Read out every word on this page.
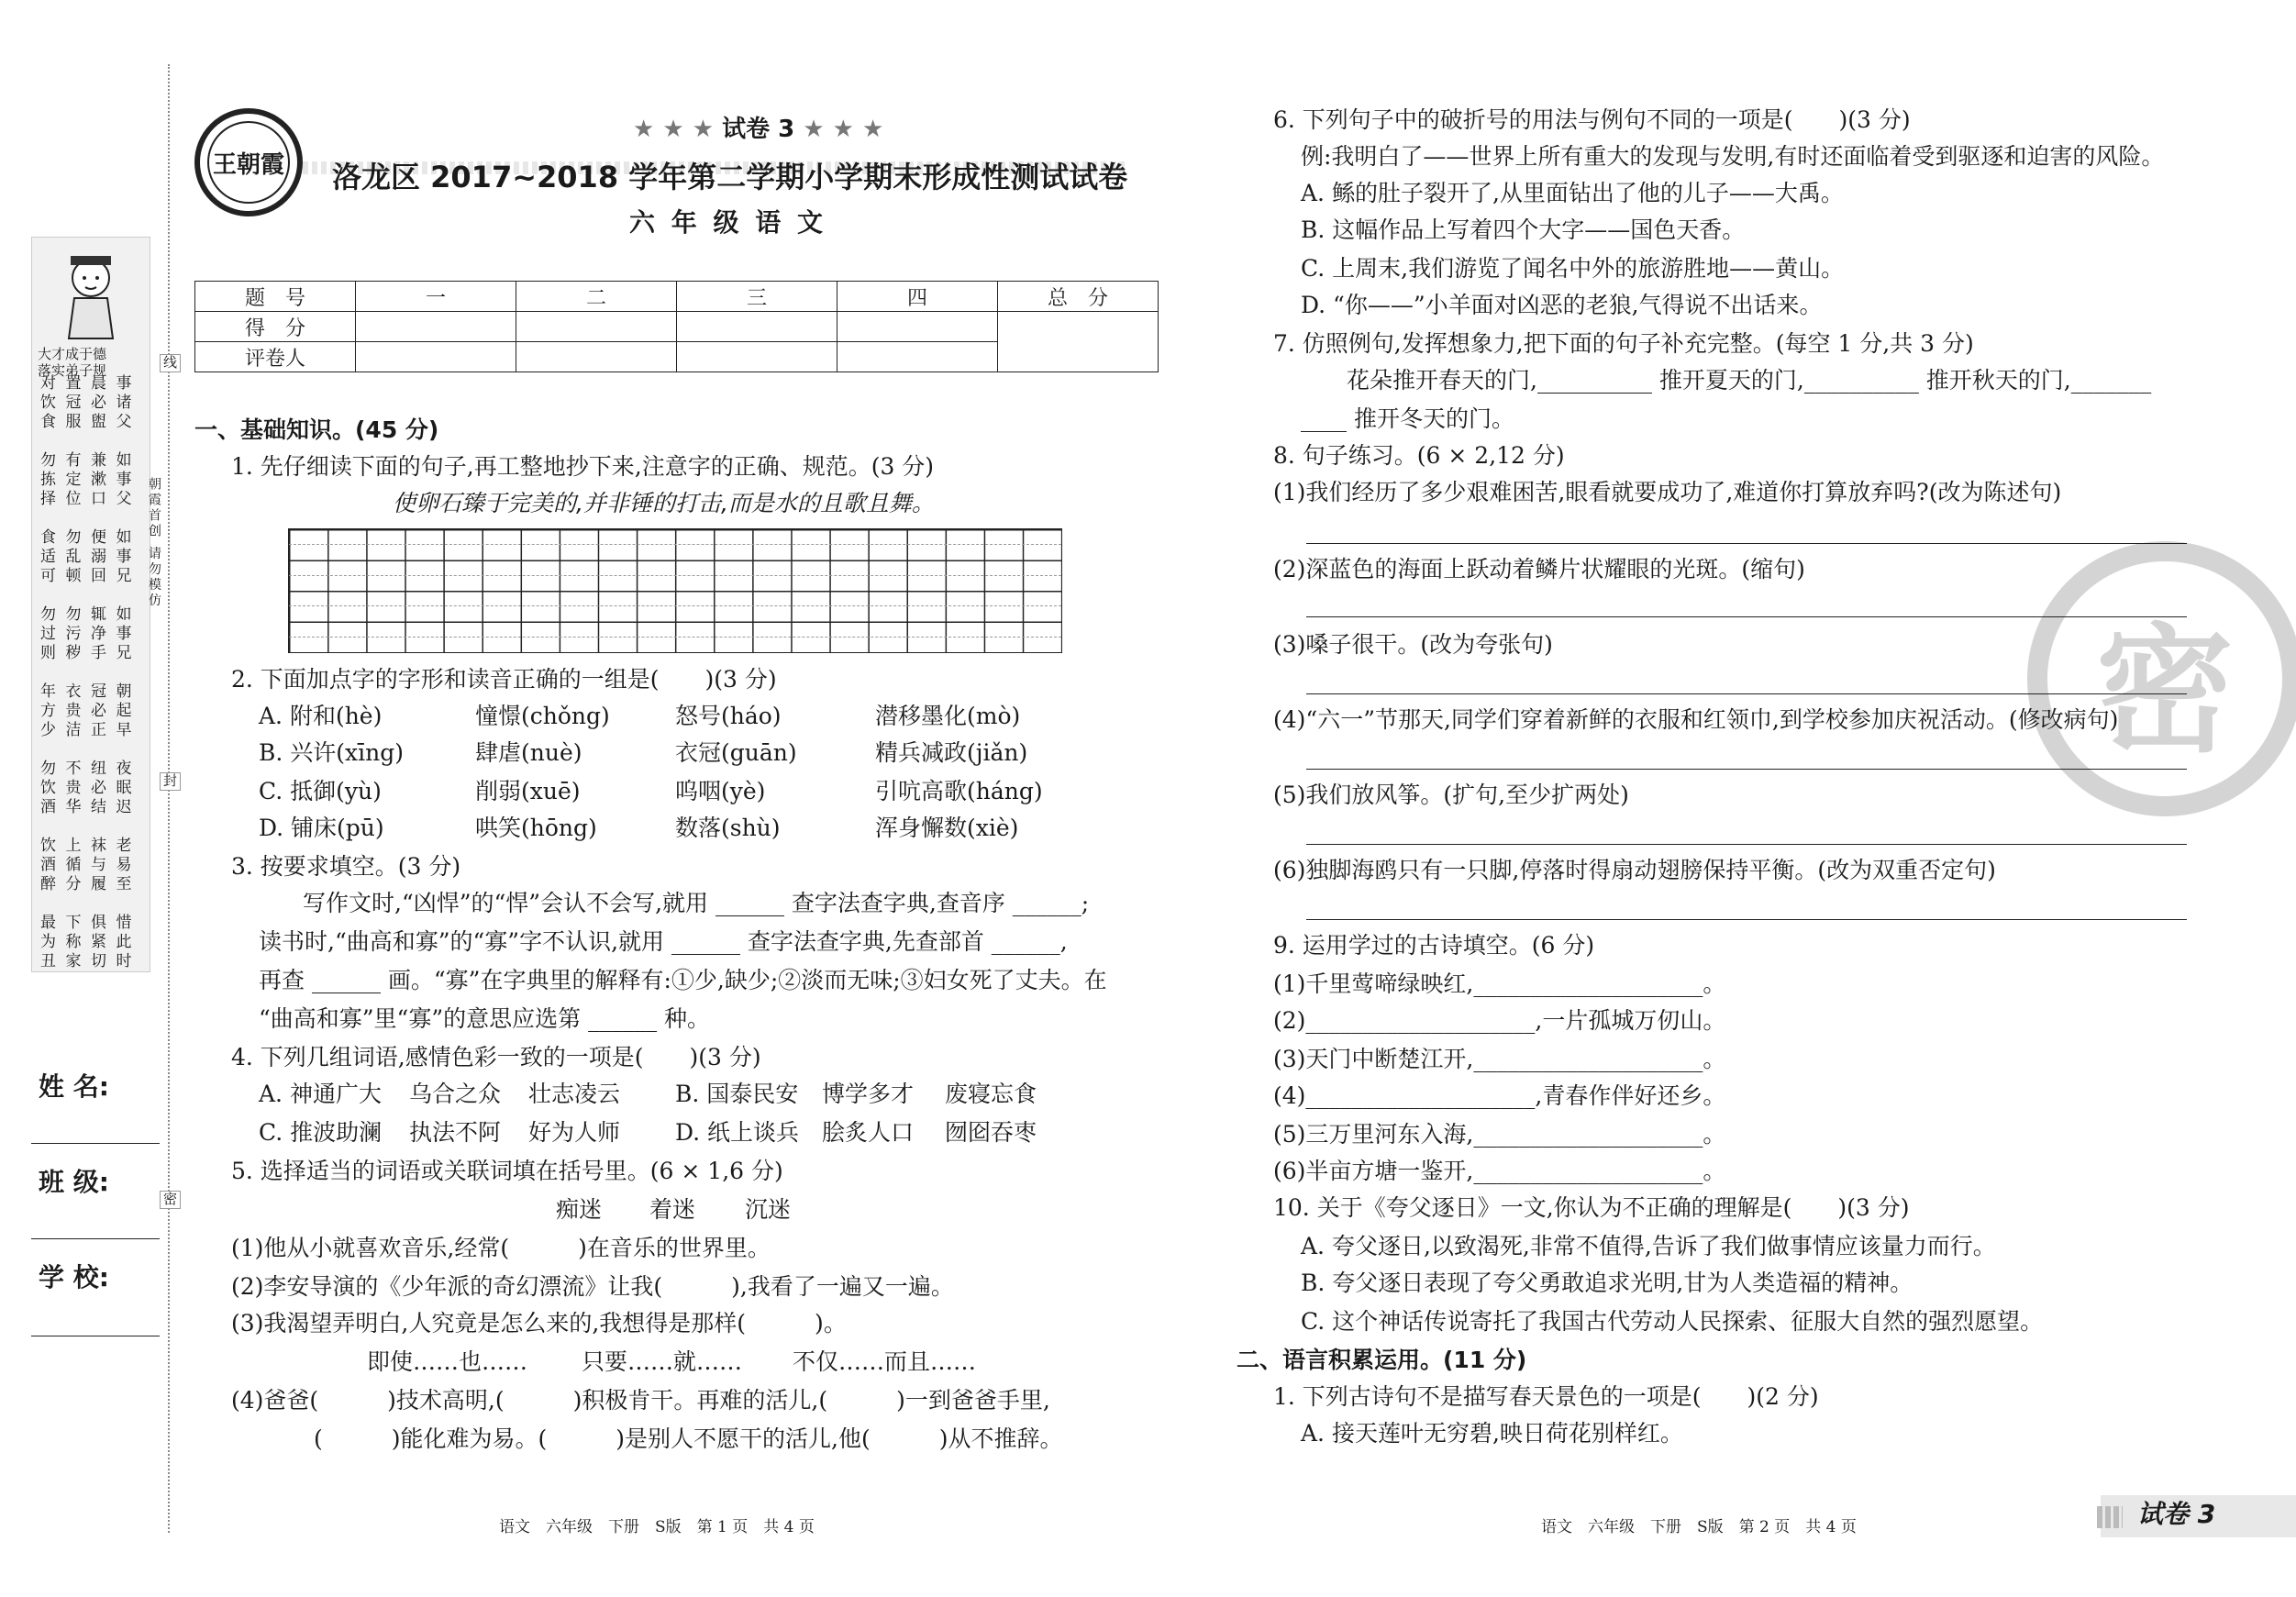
大才成于德
落实弟子规
对 置 晨 事
饮 冠 必 诸
食 服 盥 父

勿 有 兼 如
拣 定 漱 事
择 位 口 父

食 勿 便 如
适 乱 溺 事
可 顿 回 兄

勿 勿 辄 如
过 污 净 事
则 秽 手 兄

年 衣 冠 朝
方 贵 必 起
少 洁 正 早

勿 不 纽 夜
饮 贵 必 眠
酒 华 结 迟

饮 上 袜 老
酒 循 与 易
醉 分 履 至

最 下 俱 惜
为 称 紧 此
丑 家 切 时
姓 名:
班 级:
学 校:
线
朝霞首创 请勿模仿
封
密
王朝霞
★ ★ ★ 试卷 3 ★ ★ ★
洛龙区 2017~2018 学年第二学期小学期末形成性测试试卷
六 年 级 语 文
题　号	一	二	三	四	总　分
得　分					
评卷人					
一、基础知识。(45 分)
1. 先仔细读下面的句子,再工整地抄下来,注意字的正确、规范。(3 分)
使卵石臻于完美的,并非锤的打击,而是水的且歌且舞。
2. 下面加点字的字形和读音正确的一组是(　　)(3 分)
A. 附和(hè)	憧憬(chǒng)	怒号(háo)	潜移墨化(mò)
B. 兴许(xīng)	肆虐(nuè)	衣冠(guān)	精兵减政(jiǎn)
C. 抵御(yù)	削弱(xuē)	呜咽(yè)	引吭高歌(háng)
D. 铺床(pū)	哄笑(hōng)	数落(shù)	浑身懈数(xiè)
3. 按要求填空。(3 分)
写作文时,“凶悍”的“悍”会认不会写,就用 ______ 查字法查字典,查音序 ______;
读书时,“曲高和寡”的“寡”字不认识,就用 ______ 查字法查字典,先查部首 ______,
再查 ______ 画。“寡”在字典里的解释有:①少,缺少;②淡而无味;③妇女死了丈夫。在
“曲高和寡”里“寡”的意思应选第 ______ 种。
4. 下列几组词语,感情色彩一致的一项是(　　)(3 分)
A. 神通广大 乌合之众 壮志凌云 B. 国泰民安 博学多才 废寝忘食
C. 推波助澜 执法不阿 好为人师 D. 纸上谈兵 脍炙人口 囫囵吞枣
5. 选择适当的词语或关联词填在括号里。(6 × 1,6 分)
痴迷 着迷 沉迷
(1)他从小就喜欢音乐,经常(　　　)在音乐的世界里。
(2)李安导演的《少年派的奇幻漂流》让我(　　　),我看了一遍又一遍。
(3)我渴望弄明白,人究竟是怎么来的,我想得是那样(　　　)。
即使……也…… 只要……就…… 不仅……而且……
(4)爸爸(　　　)技术高明,(　　　)积极肯干。再难的活儿,(　　　)一到爸爸手里,
(　　　)能化难为易。(　　　)是别人不愿干的活儿,他(　　　)从不推辞。
语文　六年级　下册　S版　第 1 页　共 4 页
密
6. 下列句子中的破折号的用法与例句不同的一项是(　　)(3 分)
例:我明白了——世界上所有重大的发现与发明,有时还面临着受到驱逐和迫害的风险。
A. 鲧的肚子裂开了,从里面钻出了他的儿子——大禹。
B. 这幅作品上写着四个大字——国色天香。
C. 上周末,我们游览了闻名中外的旅游胜地——黄山。
D. “你——”小羊面对凶恶的老狼,气得说不出话来。
7. 仿照例句,发挥想象力,把下面的句子补充完整。(每空 1 分,共 3 分)
花朵推开春天的门,__________ 推开夏天的门,__________ 推开秋天的门,_______
____ 推开冬天的门。
8. 句子练习。(6 × 2,12 分)
(1)我们经历了多少艰难困苦,眼看就要成功了,难道你打算放弃吗?(改为陈述句)
(2)深蓝色的海面上跃动着鳞片状耀眼的光斑。(缩句)
(3)嗓子很干。(改为夸张句)
(4)“六一”节那天,同学们穿着新鲜的衣服和红领巾,到学校参加庆祝活动。(修改病句)
(5)我们放风筝。(扩句,至少扩两处)
(6)独脚海鸥只有一只脚,停落时得扇动翅膀保持平衡。(改为双重否定句)
9. 运用学过的古诗填空。(6 分)
(1)千里莺啼绿映红,____________________。
(2)____________________,一片孤城万仞山。
(3)天门中断楚江开,____________________。
(4)____________________,青春作伴好还乡。
(5)三万里河东入海,____________________。
(6)半亩方塘一鉴开,____________________。
10. 关于《夸父逐日》一文,你认为不正确的理解是(　　)(3 分)
A. 夸父逐日,以致渴死,非常不值得,告诉了我们做事情应该量力而行。
B. 夸父逐日表现了夸父勇敢追求光明,甘为人类造福的精神。
C. 这个神话传说寄托了我国古代劳动人民探索、征服大自然的强烈愿望。
二、语言积累运用。(11 分)
1. 下列古诗句不是描写春天景色的一项是(　　)(2 分)
A. 接天莲叶无穷碧,映日荷花别样红。
语文　六年级　下册　S版　第 2 页　共 4 页	试卷 3
